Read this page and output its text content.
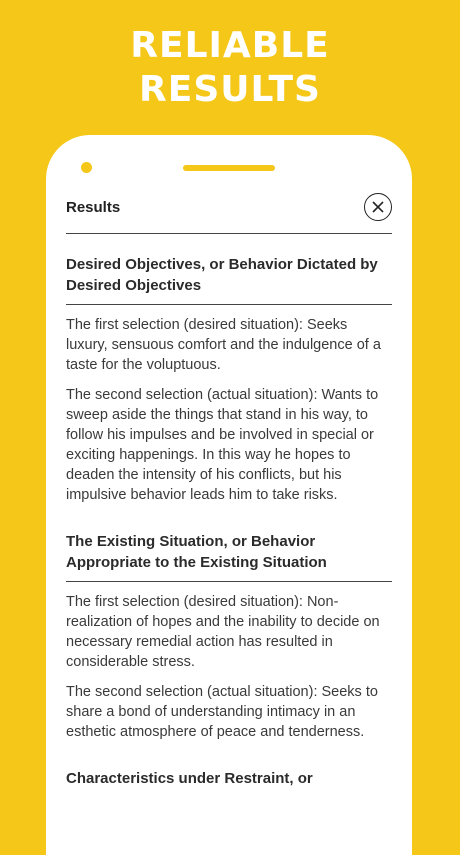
RELIABLE
RESULTS
Results
Desired Objectives, or Behavior Dictated by Desired Objectives

The first selection (desired situation): Seeks luxury, sensuous comfort and the indulgence of a taste for the voluptuous.

The second selection (actual situation): Wants to sweep aside the things that stand in his way, to follow his impulses and be involved in special or exciting happenings. In this way he hopes to deaden the intensity of his conflicts, but his impulsive behavior leads him to take risks.

The Existing Situation, or Behavior Appropriate to the Existing Situation

The first selection (desired situation): Non-realization of hopes and the inability to decide on necessary remedial action has resulted in considerable stress.

The second selection (actual situation): Seeks to share a bond of understanding intimacy in an esthetic atmosphere of peace and tenderness.

Characteristics under Restraint, or
